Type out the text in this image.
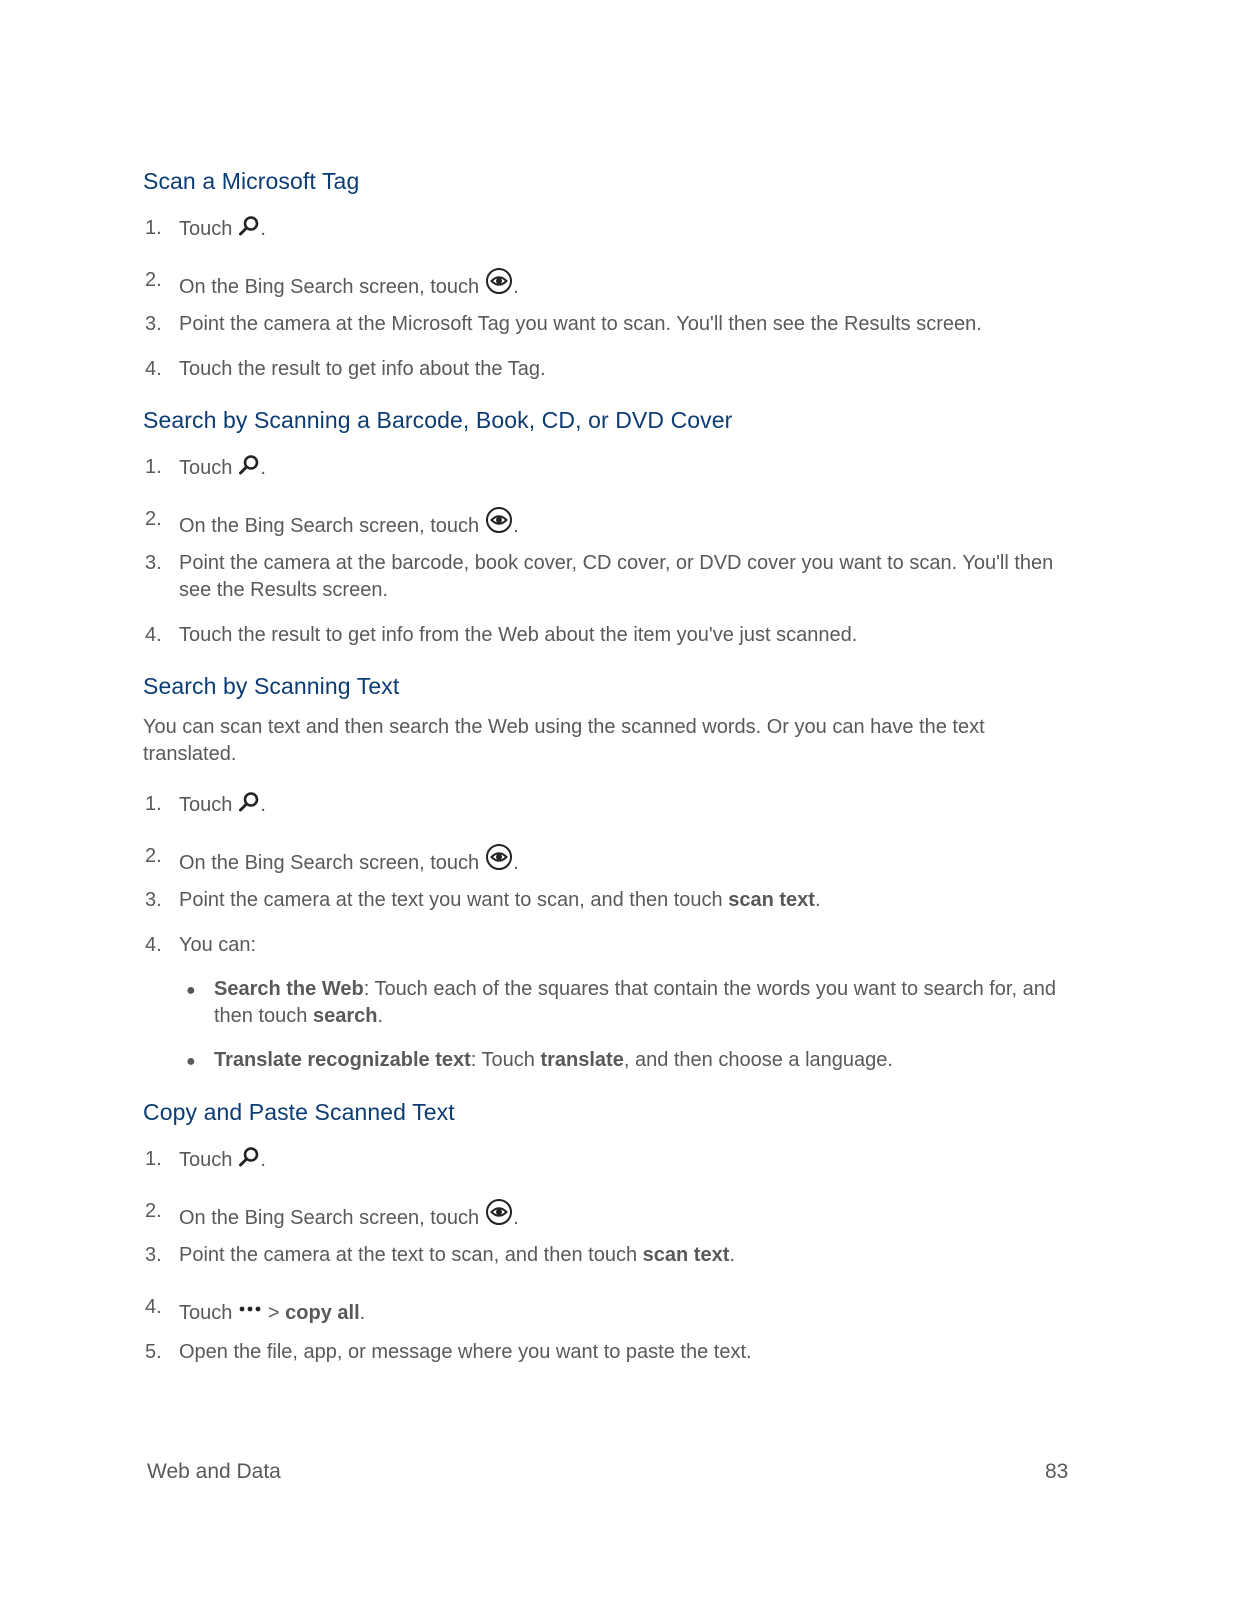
Scan a Microsoft Tag
1. Touch .
2. On the Bing Search screen, touch .
3. Point the camera at the Microsoft Tag you want to scan. You'll then see the Results screen.
4. Touch the result to get info about the Tag.
Search by Scanning a Barcode, Book, CD, or DVD Cover
1. Touch .
2. On the Bing Search screen, touch .
3. Point the camera at the barcode, book cover, CD cover, or DVD cover you want to scan. You'll then see the Results screen.
4. Touch the result to get info from the Web about the item you've just scanned.
Search by Scanning Text

You can scan text and then search the Web using the scanned words. Or you can have the text translated.

1. Touch .
2. On the Bing Search screen, touch .
3. Point the camera at the text you want to scan, and then touch scan text.
4. You can:
● Search the Web: Touch each of the squares that contain the words you want to search for, and then touch search.
● Translate recognizable text: Touch translate, and then choose a language.
Copy and Paste Scanned Text
1. Touch .
2. On the Bing Search screen, touch .
3. Point the camera at the text to scan, and then touch scan text.
4. Touch > copy all.
5. Open the file, app, or message where you want to paste the text.
Web and Data	83
